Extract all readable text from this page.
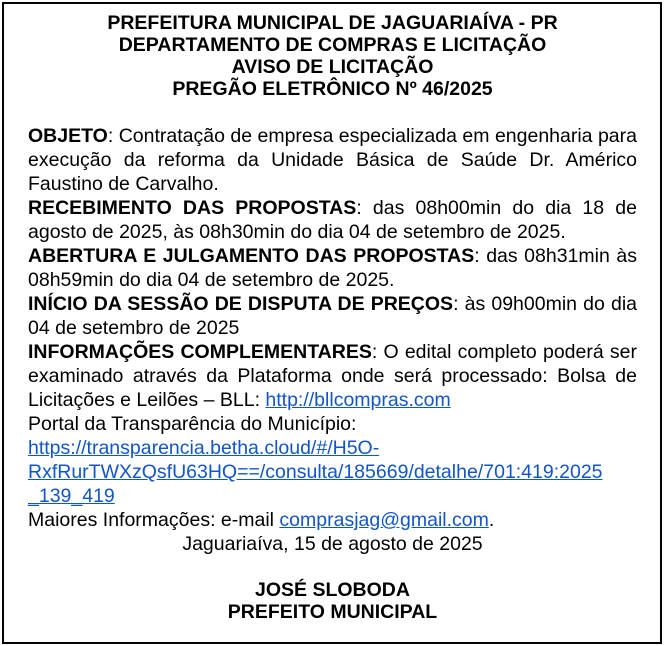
PREFEITURA MUNICIPAL DE JAGUARIAÍVA - PR
DEPARTAMENTO DE COMPRAS E LICITAÇÃO
AVISO DE LICITAÇÃO
PREGÃO ELETRÔNICO Nº 46/2025

OBJETO: Contratação de empresa especializada em engenharia para execução da reforma da Unidade Básica de Saúde Dr. Américo Faustino de Carvalho.

RECEBIMENTO DAS PROPOSTAS: das 08h00min do dia 18 de agosto de 2025, às 08h30min do dia 04 de setembro de 2025.

ABERTURA E JULGAMENTO DAS PROPOSTAS: das 08h31min às 08h59min do dia 04 de setembro de 2025.

INÍCIO DA SESSÃO DE DISPUTA DE PREÇOS: às 09h00min do dia 04 de setembro de 2025

INFORMAÇÕES COMPLEMENTARES: O edital completo poderá ser examinado através da Plataforma onde será processado: Bolsa de Licitações e Leilões – BLL: http://bllcompras.com

Portal da Transparência do Município:

https://transparencia.betha.cloud/#/H5O-
RxfRurTWXzQsfU63HQ==/consulta/185669/detalhe/701:419:2025
_139_419

Maiores Informações: e-mail comprasjag@gmail.com.

Jaguariaíva, 15 de agosto de 2025

JOSÉ SLOBODA
PREFEITO MUNICIPAL
